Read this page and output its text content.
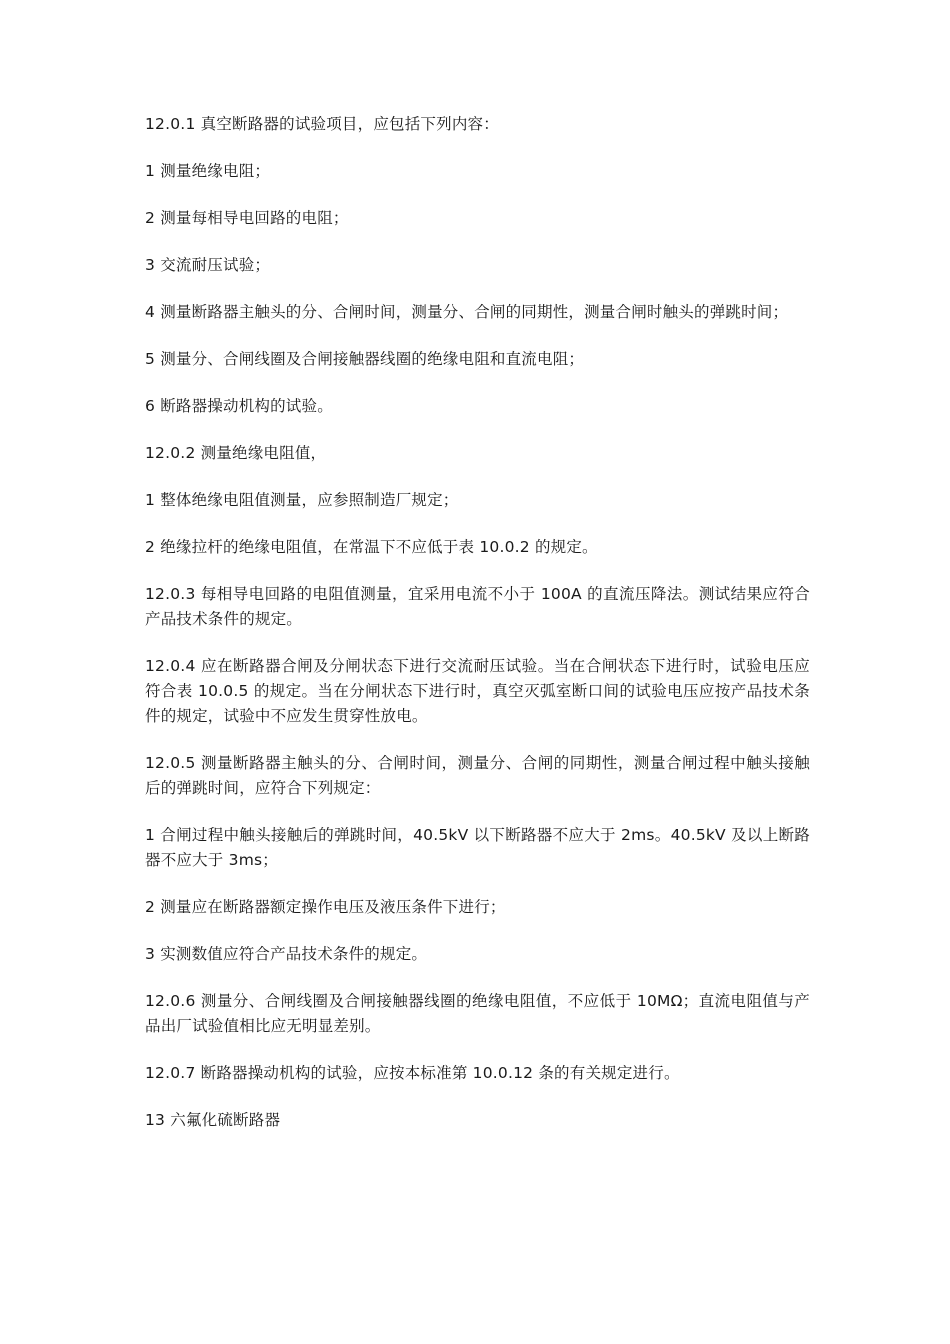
12.0.1 真空断路器的试验项目，应包括下列内容：

1 测量绝缘电阻；

2 测量每相导电回路的电阻；

3 交流耐压试验；

4 测量断路器主触头的分、合闸时间，测量分、合闸的同期性，测量合闸时触头的弹跳时间；

5 测量分、合闸线圈及合闸接触器线圈的绝缘电阻和直流电阻；

6 断路器操动机构的试验。

12.0.2 测量绝缘电阻值，

1 整体绝缘电阻值测量，应参照制造厂规定；

2 绝缘拉杆的绝缘电阻值，在常温下不应低于表 10.0.2 的规定。

12.0.3 每相导电回路的电阻值测量，宜采用电流不小于 100A 的直流压降法。测试结果应符合产品技术条件的规定。

12.0.4 应在断路器合闸及分闸状态下进行交流耐压试验。当在合闸状态下进行时，试验电压应符合表 10.0.5 的规定。当在分闸状态下进行时，真空灭弧室断口间的试验电压应按产品技术条件的规定，试验中不应发生贯穿性放电。

12.0.5 测量断路器主触头的分、合闸时间，测量分、合闸的同期性，测量合闸过程中触头接触后的弹跳时间，应符合下列规定：

1 合闸过程中触头接触后的弹跳时间，40.5kV 以下断路器不应大于 2ms。40.5kV 及以上断路器不应大于 3ms；

2 测量应在断路器额定操作电压及液压条件下进行；

3 实测数值应符合产品技术条件的规定。

12.0.6 测量分、合闸线圈及合闸接触器线圈的绝缘电阻值，不应低于 10MΩ；直流电阻值与产品出厂试验值相比应无明显差别。

12.0.7 断路器操动机构的试验，应按本标准第 10.0.12 条的有关规定进行。

13 六氟化硫断路器
